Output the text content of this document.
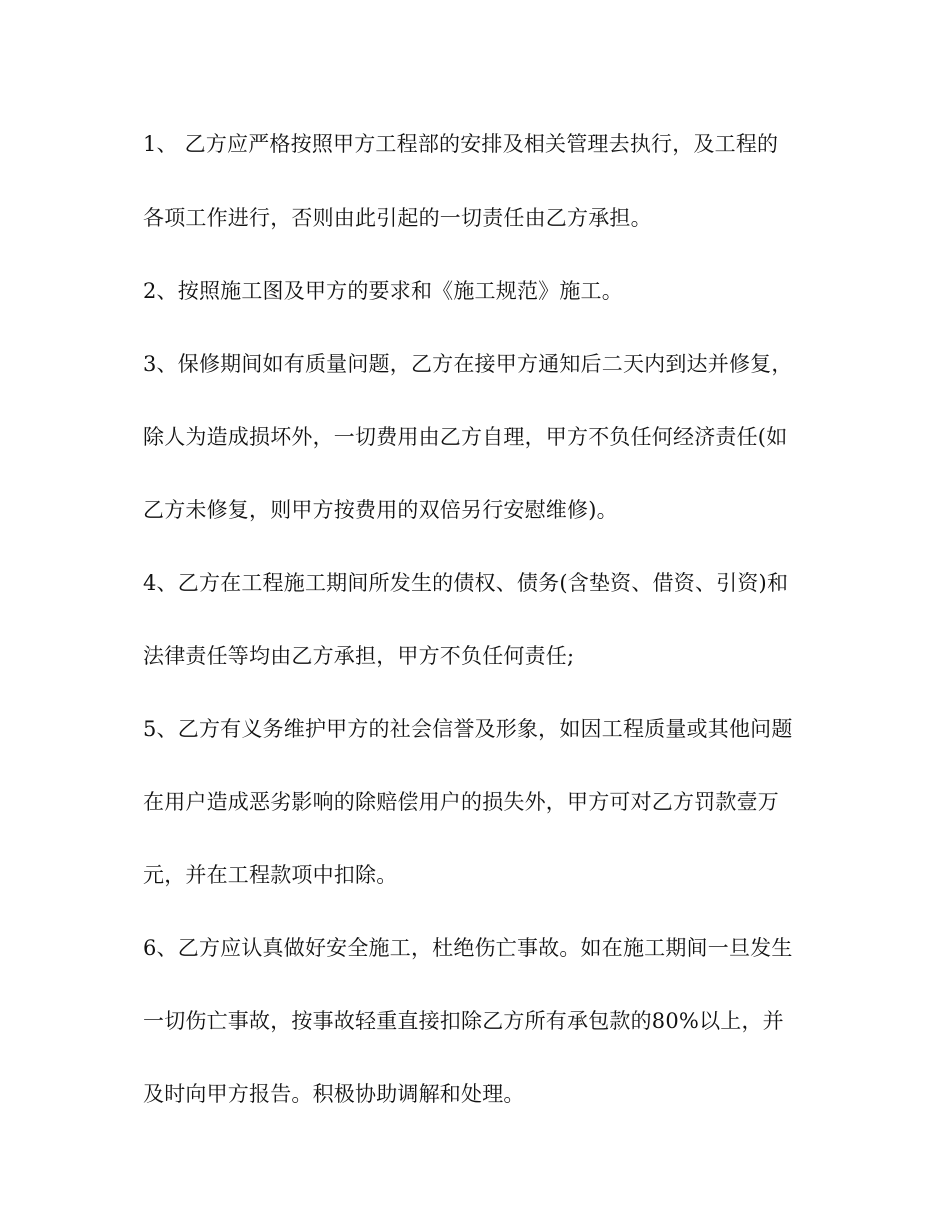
1、 乙方应严格按照甲方工程部的安排及相关管理去执行，及工程的
各项工作进行，否则由此引起的一切责任由乙方承担。
2、按照施工图及甲方的要求和《施工规范》施工。
3、保修期间如有质量问题，乙方在接甲方通知后二天内到达并修复，
除人为造成损坏外，一切费用由乙方自理，甲方不负任何经济责任(如
乙方未修复，则甲方按费用的双倍另行安慰维修)。
4、乙方在工程施工期间所发生的债权、债务(含垫资、借资、引资)和
法律责任等均由乙方承担，甲方不负任何责任;
5、乙方有义务维护甲方的社会信誉及形象，如因工程质量或其他问题
在用户造成恶劣影响的除赔偿用户的损失外，甲方可对乙方罚款壹万
元，并在工程款项中扣除。
6、乙方应认真做好安全施工，杜绝伤亡事故。如在施工期间一旦发生
一切伤亡事故，按事故轻重直接扣除乙方所有承包款的80%以上，并
及时向甲方报告。积极协助调解和处理。
